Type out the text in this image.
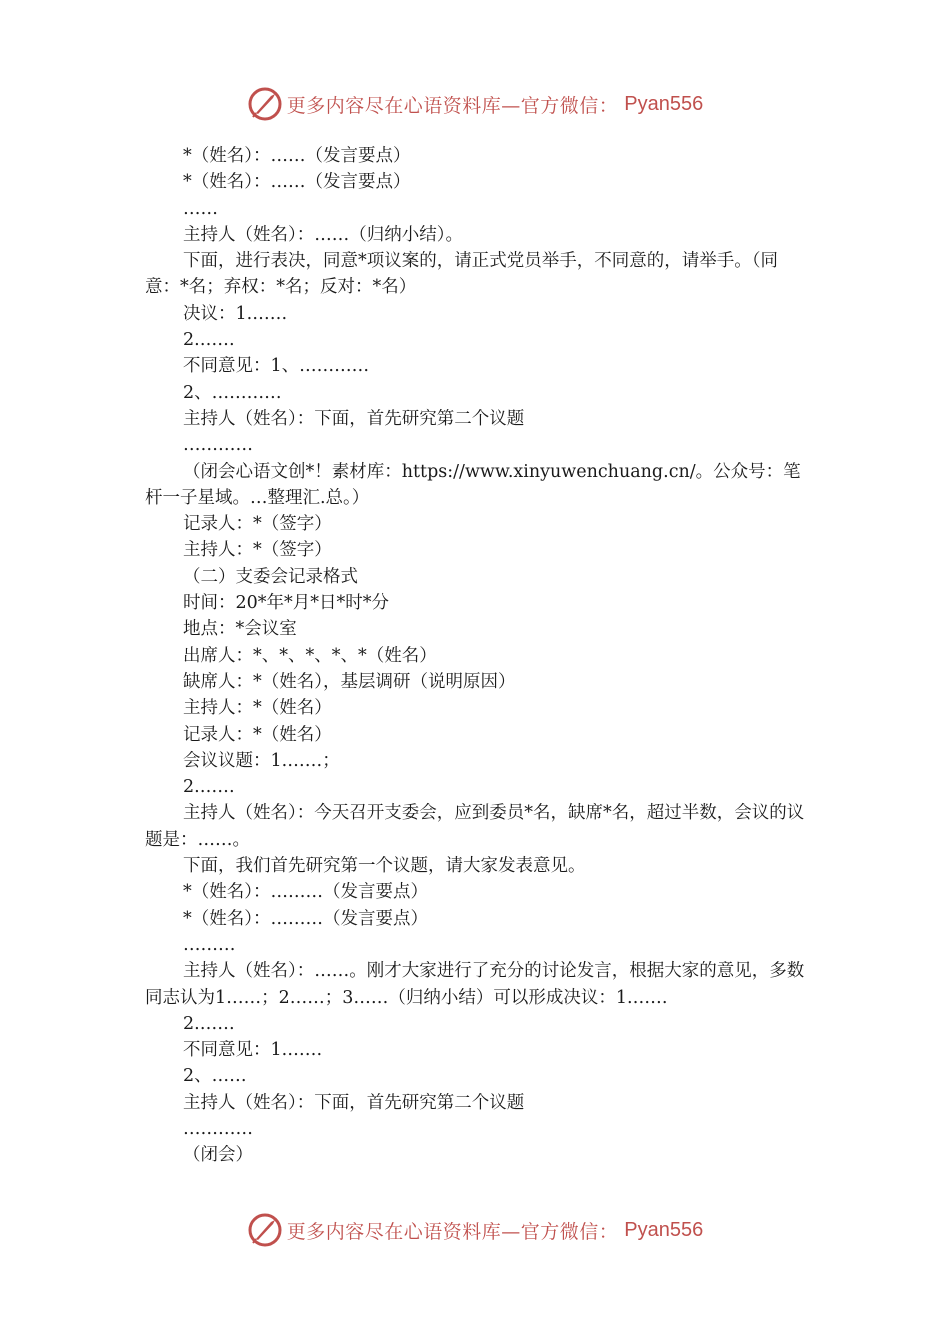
更多内容尽在心语资料库—官方微信： Pyan556

*（姓名）：……（发言要点）

*（姓名）：……（发言要点）

……

主持人（姓名）：……（归纳小结）。

下面，进行表决，同意*项议案的，请正式党员举手，不同意的，请举手。（同意：*名；弃权：*名；反对：*名）

决议：1.……

2.……

不同意见：1、…………

2、…………

主持人（姓名）：下面，首先研究第二个议题

…………

（闭会心语文创*！素材库：https://www.xinyuwenchuang.cn/。公众号：笔杆一子星域。…整理汇.总。）

记录人：*（签字）

主持人：*（签字）

（二）支委会记录格式

时间：20*年*月*日*时*分

地点：*会议室

出席人：*、*、*、*、*（姓名）

缺席人：*（姓名），基层调研（说明原因）

主持人：*（姓名）

记录人：*（姓名）

会议议题：1.……；

2.……

主持人（姓名）：今天召开支委会，应到委员*名，缺席*名，超过半数，会议的议题是：……。

下面，我们首先研究第一个议题，请大家发表意见。

*（姓名）：………（发言要点）

*（姓名）：………（发言要点）

………

主持人（姓名）：……。刚才大家进行了充分的讨论发言，根据大家的意见，多数同志认为1……；2……；3……（归纳小结）可以形成决议：1.……

2.……

不同意见：1.……

2、……

主持人（姓名）：下面，首先研究第二个议题

…………

（闭会）

更多内容尽在心语资料库—官方微信： Pyan556
